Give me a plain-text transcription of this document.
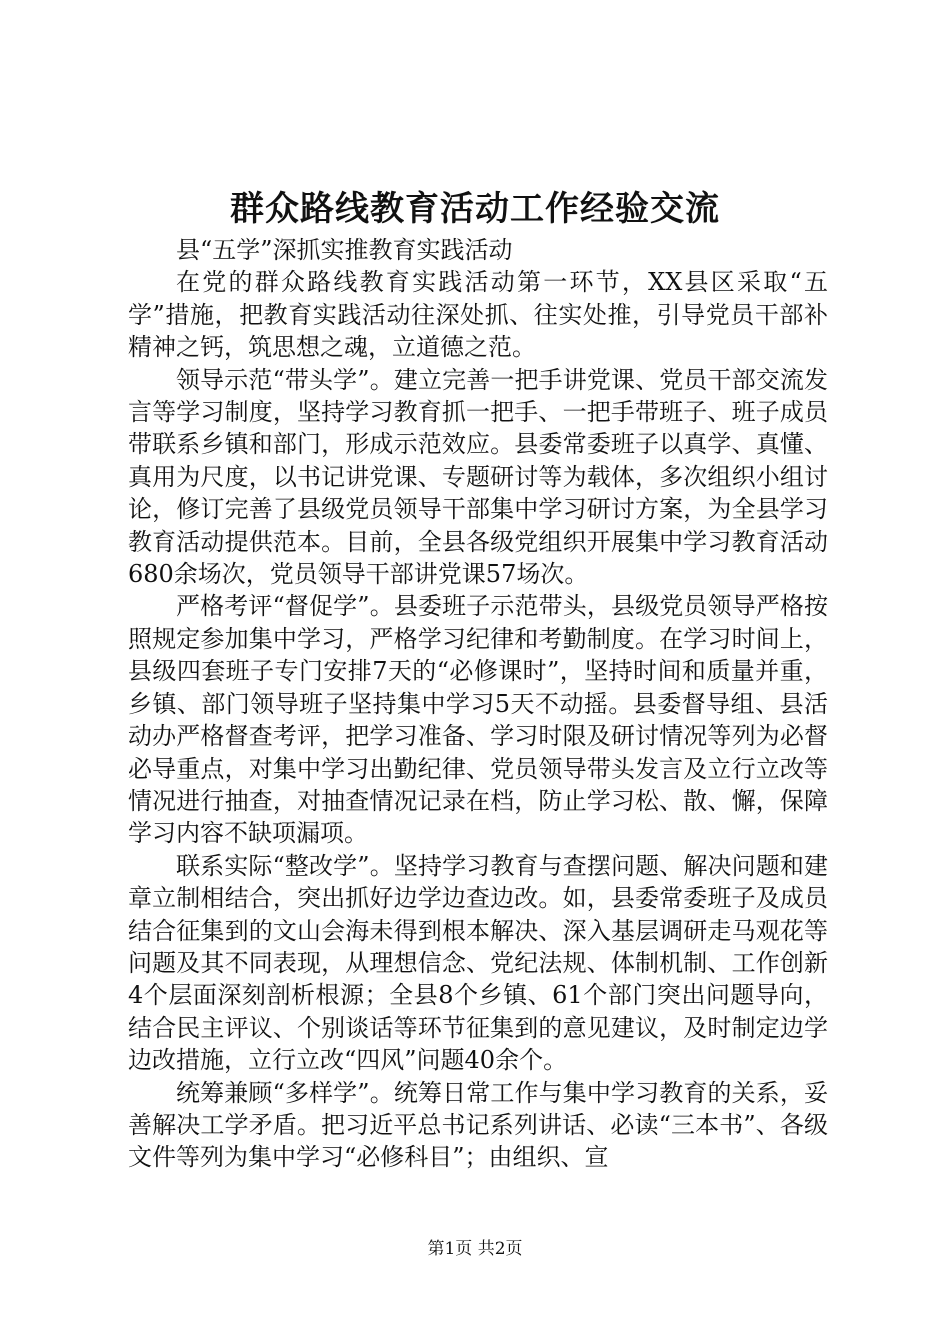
群众路线教育活动工作经验交流

县“五学”深抓实推教育实践活动

在党的群众路线教育实践活动第一环节，XX县区采取“五学”措施，把教育实践活动往深处抓、往实处推，引导党员干部补精神之钙，筑思想之魂，立道德之范。

领导示范“带头学”。建立完善一把手讲党课、党员干部交流发言等学习制度，坚持学习教育抓一把手、一把手带班子、班子成员带联系乡镇和部门，形成示范效应。县委常委班子以真学、真懂、真用为尺度，以书记讲党课、专题研讨等为载体，多次组织小组讨论，修订完善了县级党员领导干部集中学习研讨方案，为全县学习教育活动提供范本。目前，全县各级党组织开展集中学习教育活动680余场次，党员领导干部讲党课57场次。

严格考评“督促学”。县委班子示范带头，县级党员领导严格按照规定参加集中学习，严格学习纪律和考勤制度。在学习时间上，县级四套班子专门安排7天的“必修课时”，坚持时间和质量并重，乡镇、部门领导班子坚持集中学习5天不动摇。县委督导组、县活动办严格督查考评，把学习准备、学习时限及研讨情况等列为必督必导重点，对集中学习出勤纪律、党员领导带头发言及立行立改等情况进行抽查，对抽查情况记录在档，防止学习松、散、懈，保障学习内容不缺项漏项。

联系实际“整改学”。坚持学习教育与查摆问题、解决问题和建章立制相结合，突出抓好边学边查边改。如，县委常委班子及成员结合征集到的文山会海未得到根本解决、深入基层调研走马观花等问题及其不同表现，从理想信念、党纪法规、体制机制、工作创新4个层面深刻剖析根源；全县8个乡镇、61个部门突出问题导向，结合民主评议、个别谈话等环节征集到的意见建议，及时制定边学边改措施，立行立改“四风”问题40余个。

统筹兼顾“多样学”。统筹日常工作与集中学习教育的关系，妥善解决工学矛盾。把习近平总书记系列讲话、必读“三本书”、各级文件等列为集中学习“必修科目”；由组织、宣

第1页 共2页
